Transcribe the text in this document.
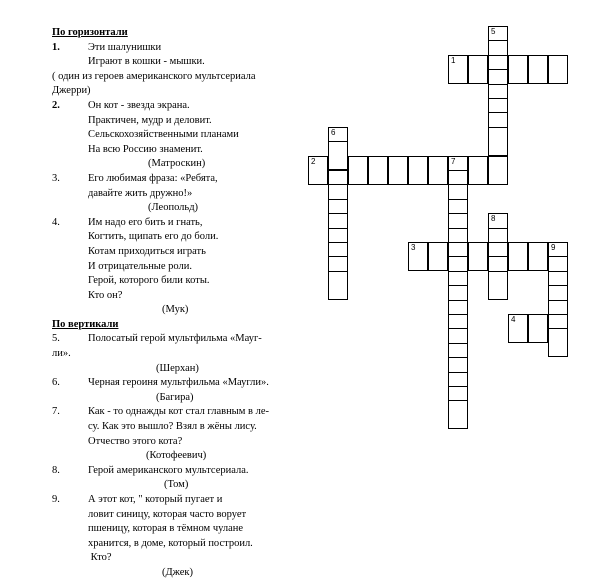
По горизонтали
1.	Эти шалунишки
Играют в кошки - мышки.
( один из героев американского мультсериала
Джерри)
2.	Он кот - звезда экрана.
Практичен, мудр и деловит.
Сельскохозяйственными планами
На всю Россию знаменит.
(Матроскин)
3.	Его любимая фраза: «Ребята,
давайте жить дружно!»
(Леопольд)
4.	Им надо его бить и гнать,
Когтить, щипать его до боли.
Котам приходиться играть
И отрицательные роли.
Герой, которого били коты.
Кто он?
(Мук)
По вертикали
5.	Полосатый герой мультфильма «Мауг-
ли».
(Шерхан)
6.	Черная героиня мультфильма «Маугли».
(Багира)
7.	Как - то однажды кот стал главным в ле-
су. Как это вышло? Взял в жёны лису.
Отчество этого кота?
(Котофеевич)
8.	Герой американского мультсериала.
(Том)
9.	А этот кот, " который пугает и
ловит синицу, которая часто ворует
пшеницу, которая в тёмном чулане
хранится, в доме, который построил.
Кто?
(Джек)
5
1
2	7
6
8
3	9
4
